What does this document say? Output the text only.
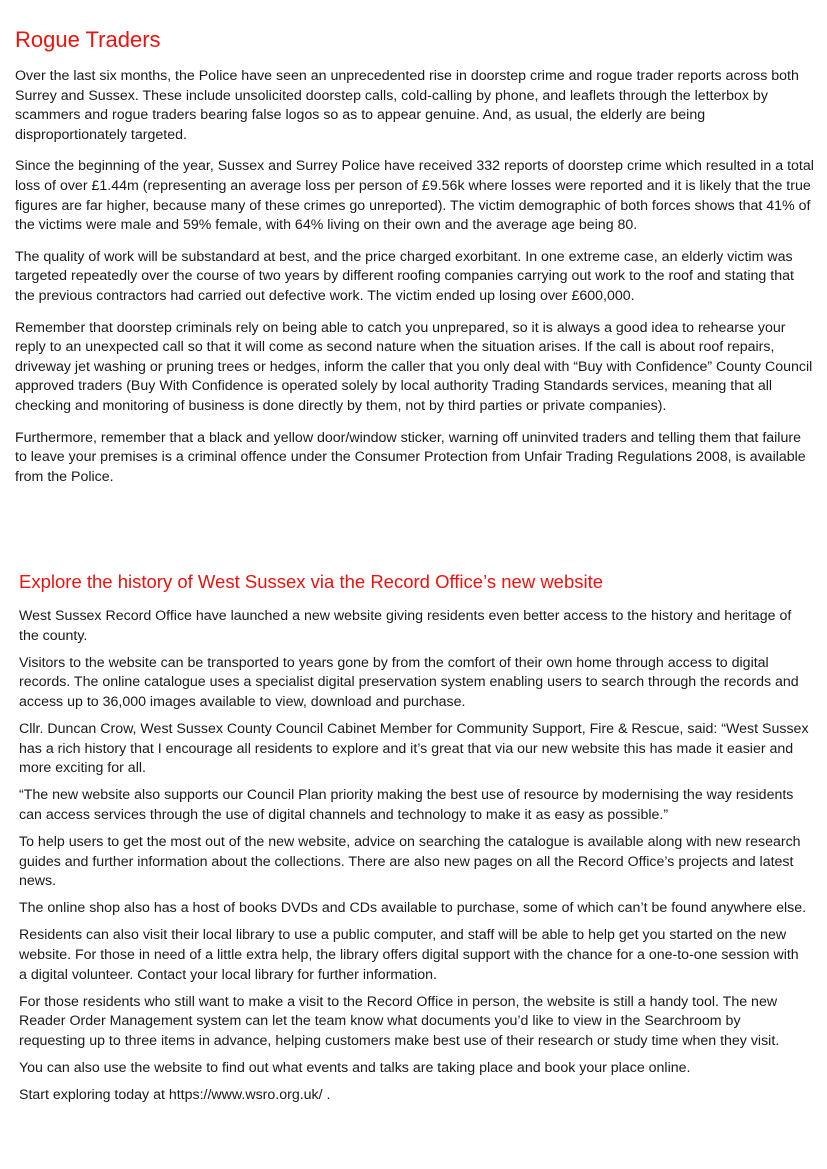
Rogue Traders

Over the last six months, the Police have seen an unprecedented rise in doorstep crime and rogue trader reports across both Surrey and Sussex. These include unsolicited doorstep calls, cold-calling by phone, and leaflets through the letterbox by scammers and rogue traders bearing false logos so as to appear genuine. And, as usual, the elderly are being disproportionately targeted.

Since the beginning of the year, Sussex and Surrey Police have received 332 reports of doorstep crime which resulted in a total loss of over £1.44m (representing an average loss per person of £9.56k where losses were reported and it is likely that the true figures are far higher, because many of these crimes go unreported). The victim demographic of both forces shows that 41% of the victims were male and 59% female, with 64% living on their own and the average age being 80.

The quality of work will be substandard at best, and the price charged exorbitant. In one extreme case, an elderly victim was targeted repeatedly over the course of two years by different roofing companies carrying out work to the roof and stating that the previous contractors had carried out defective work. The victim ended up losing over £600,000.

Remember that doorstep criminals rely on being able to catch you unprepared, so it is always a good idea to rehearse your reply to an unexpected call so that it will come as second nature when the situation arises. If the call is about roof repairs, driveway jet washing or pruning trees or hedges, inform the caller that you only deal with “Buy with Confidence” County Council approved traders (Buy With Confidence is operated solely by local authority Trading Standards services, meaning that all checking and monitoring of business is done directly by them, not by third parties or private companies).

Furthermore, remember that a black and yellow door/window sticker, warning off uninvited traders and telling them that failure to leave your premises is a criminal offence under the Consumer Protection from Unfair Trading Regulations 2008, is available from the Police.

Explore the history of West Sussex via the Record Office’s new website

West Sussex Record Office have launched a new website giving residents even better access to the history and heritage of the county.

Visitors to the website can be transported to years gone by from the comfort of their own home through access to digital records. The online catalogue uses a specialist digital preservation system enabling users to search through the records and access up to 36,000 images available to view, download and purchase.

Cllr. Duncan Crow, West Sussex County Council Cabinet Member for Community Support, Fire & Rescue, said: “West Sussex has a rich history that I encourage all residents to explore and it’s great that via our new website this has made it easier and more exciting for all.

“The new website also supports our Council Plan priority making the best use of resource by modernising the way residents can access services through the use of digital channels and technology to make it as easy as possible.”

To help users to get the most out of the new website, advice on searching the catalogue is available along with new research guides and further information about the collections. There are also new pages on all the Record Office’s projects and latest news.

The online shop also has a host of books DVDs and CDs available to purchase, some of which can’t be found anywhere else.

Residents can also visit their local library to use a public computer, and staff will be able to help get you started on the new website. For those in need of a little extra help, the library offers digital support with the chance for a one-to-one session with a digital volunteer. Contact your local library for further information.

For those residents who still want to make a visit to the Record Office in person, the website is still a handy tool. The new Reader Order Management system can let the team know what documents you’d like to view in the Searchroom by requesting up to three items in advance, helping customers make best use of their research or study time when they visit.

You can also use the website to find out what events and talks are taking place and book your place online.

Start exploring today at https://www.wsro.org.uk/ .
